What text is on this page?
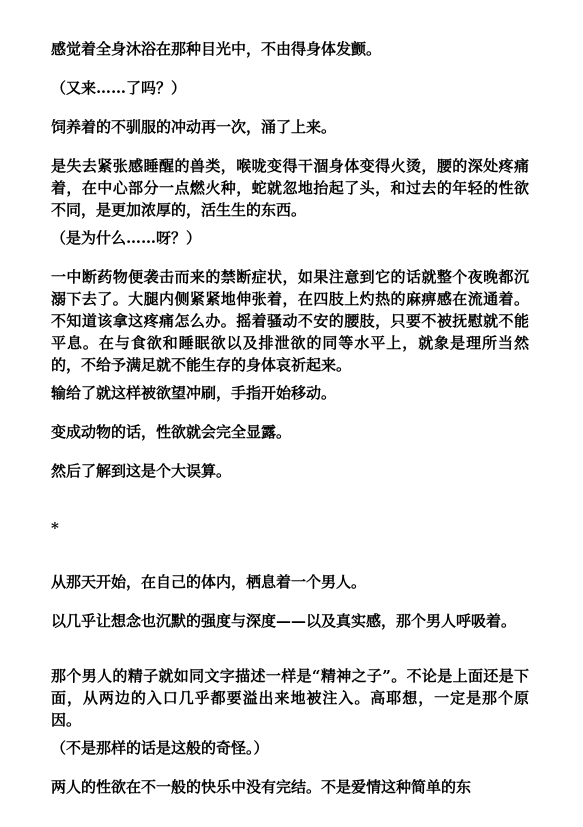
感觉着全身沐浴在那种目光中，不由得身体发颤。

（又来……了吗？）

饲养着的不驯服的冲动再一次，涌了上来。

是失去紧张感睡醒的兽类，喉咙变得干涸身体变得火烫，腰的深处疼痛着，在中心部分一点燃火种，蛇就忽地抬起了头，和过去的年轻的性欲不同，是更加浓厚的，活生生的东西。

（是为什么……呀？）

一中断药物便袭击而来的禁断症状，如果注意到它的话就整个夜晚都沉溺下去了。大腿内侧紧紧地伸张着，在四肢上灼热的麻痹感在流通着。不知道该拿这疼痛怎么办。摇着骚动不安的腰肢，只要不被抚慰就不能平息。在与食欲和睡眠欲以及排泄欲的同等水平上，就象是理所当然的，不给予满足就不能生存的身体哀祈起来。

输给了就这样被欲望冲刷，手指开始移动。

变成动物的话，性欲就会完全显露。

然后了解到这是个大误算。

*

从那天开始，在自己的体内，栖息着一个男人。

以几乎让想念也沉默的强度与深度——以及真实感，那个男人呼吸着。

那个男人的精子就如同文字描述一样是“精神之子”。不论是上面还是下面，从两边的入口几乎都要溢出来地被注入。高耶想，一定是那个原因。

（不是那样的话是这般的奇怪。）

两人的性欲在不一般的快乐中没有完结。不是爱情这种简单的东
